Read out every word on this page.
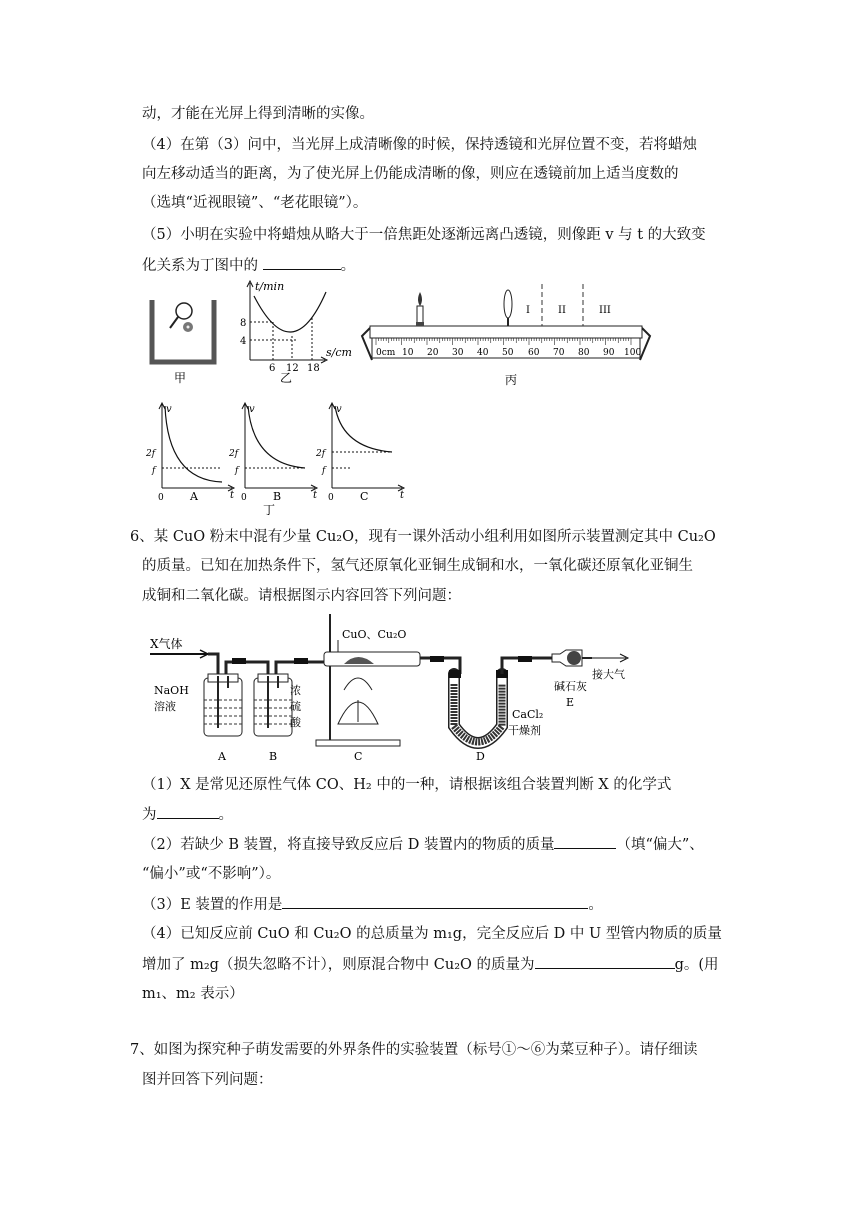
动，才能在光屏上得到清晰的实像。
（4）在第（3）问中，当光屏上成清晰像的时候，保持透镜和光屏位置不变，若将蜡烛
向左移动适当的距离，为了使光屏上仍能成清晰的像，则应在透镜前加上适当度数的
（选填“近视眼镜”、“老花眼镜”）。
（5）小明在实验中将蜡烛从略大于一倍焦距处逐渐远离凸透镜，则像距 v 与 t 的大致变
化关系为丁图中的	。
甲
t/min
s/cm
8
4
6 12 18
乙
I	II	III
0cm 10 20 30 40 50 60 70 80 90 100
丙
v
t
2f
f
0 A
v
t
2f
f
0 B
v
t
2f
f
0 C
丁
6、某 CuO 粉末中混有少量 Cu₂O，现有一课外活动小组利用如图所示装置测定其中 Cu₂O
的质量。已知在加热条件下，氢气还原氧化亚铜生成铜和水，一氧化碳还原氧化亚铜生
成铜和二氧化碳。请根据图示内容回答下列问题：
X气体
NaOH
溶液
浓
硫
酸
A	B
CuO、Cu₂O
C
CaCl₂
干燥剂
D
接大气
碱石灰
E
（1）X 是常见还原性气体 CO、H₂ 中的一种，请根据该组合装置判断 X 的化学式
为	。
（2）若缺少 B 装置，将直接导致反应后 D 装置内的物质的质量	（填“偏大”、
“偏小”或“不影响”）。
（3）E 装置的作用是	。
（4）已知反应前 CuO 和 Cu₂O 的总质量为 m₁g，完全反应后 D 中 U 型管内物质的质量
增加了 m₂g（损失忽略不计），则原混合物中 Cu₂O 的质量为	g。(用
m₁、m₂ 表示）
7、如图为探究种子萌发需要的外界条件的实验装置（标号①～⑥为菜豆种子）。请仔细读
图并回答下列问题：
